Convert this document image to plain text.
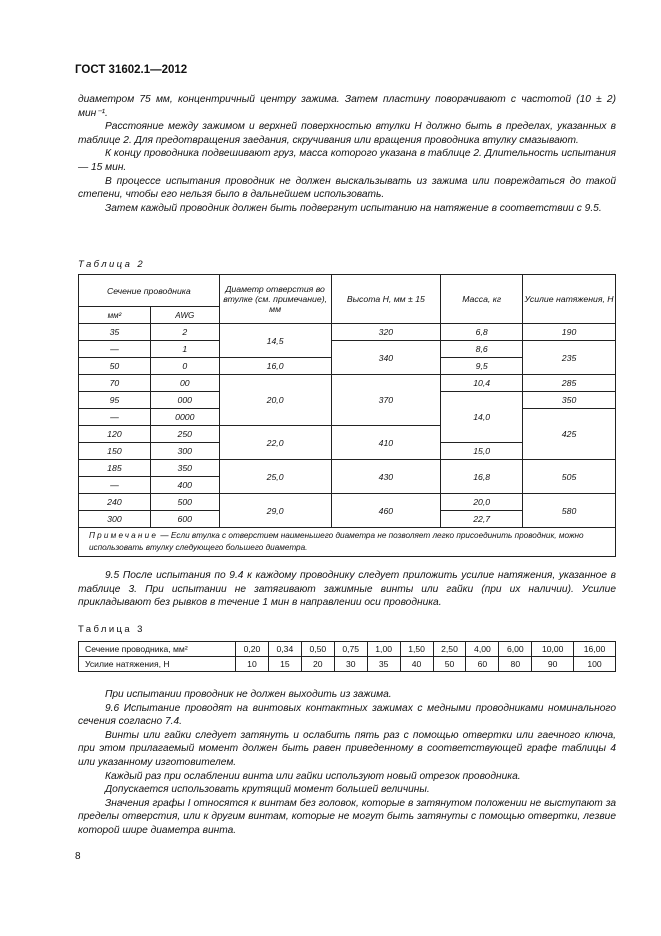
ГОСТ 31602.1—2012

диаметром 75 мм, концентричный центру зажима. Затем пластину поворачивают с частотой (10 ± 2) мин⁻¹.

Расстояние между зажимом и верхней поверхностью втулки H должно быть в пределах, указанных в таблице 2. Для предотвращения заедания, скручивания или вращения проводника втулку смазывают.

К концу проводника подвешивают груз, масса которого указана в таблице 2. Длительность испытания — 15 мин.

В процессе испытания проводник не должен выскальзывать из зажима или повреждаться до такой степени, чтобы его нельзя было в дальнейшем использовать.

Затем каждый проводник должен быть подвергнут испытанию на натяжение в соответствии с 9.5.

Таблица 2
Сечение проводника		Диаметр отверстия во втулке (см. примечание), мм	Высота H, мм ± 15	Масса, кг	Усилие натяжения, Н
мм²	AWG				
35	2	14,5	320	6,8	190
—	1		340	8,6	235
50	0	16,0		9,5	
70	00	20,0	370	10,4	285
95	000			14,0	350
—	0000				425
120	250	22,0	410		
150	300			15,0	
185	350	25,0	430	16,8	505
—	400				
240	500	29,0	460	20,0	580
300	600			22,7	
Примечание — Если втулка с отверстием наименьшего диаметра не позволяет легко присоединить проводник, можно использовать втулку следующего большего диаметра.					

9.5 После испытания по 9.4 к каждому проводнику следует приложить усилие натяжения, указанное в таблице 3. При испытании не затягивают зажимные винты или гайки (при их наличии). Усилие прикладывают без рывков в течение 1 мин в направлении оси проводника.

Таблица 3
Сечение проводника, мм²	0,20	0,34	0,50	0,75	1,00	1,50	2,50	4,00	6,00	10,00	16,00
Усилие натяжения, Н	10	15	20	30	35	40	50	60	80	90	100

При испытании проводник не должен выходить из зажима.

9.6 Испытание проводят на винтовых контактных зажимах с медными проводниками номинального сечения согласно 7.4.

Винты или гайки следует затянуть и ослабить пять раз с помощью отвертки или гаечного ключа, при этом прилагаемый момент должен быть равен приведенному в соответствующей графе таблицы 4 или указанному изготовителем.

Каждый раз при ослаблении винта или гайки используют новый отрезок проводника.

Допускается использовать крутящий момент большей величины.

Значения графы I относятся к винтам без головок, которые в затянутом положении не выступают за пределы отверстия, или к другим винтам, которые не могут быть затянуты с помощью отвертки, лезвие которой шире диаметра винта.

8
